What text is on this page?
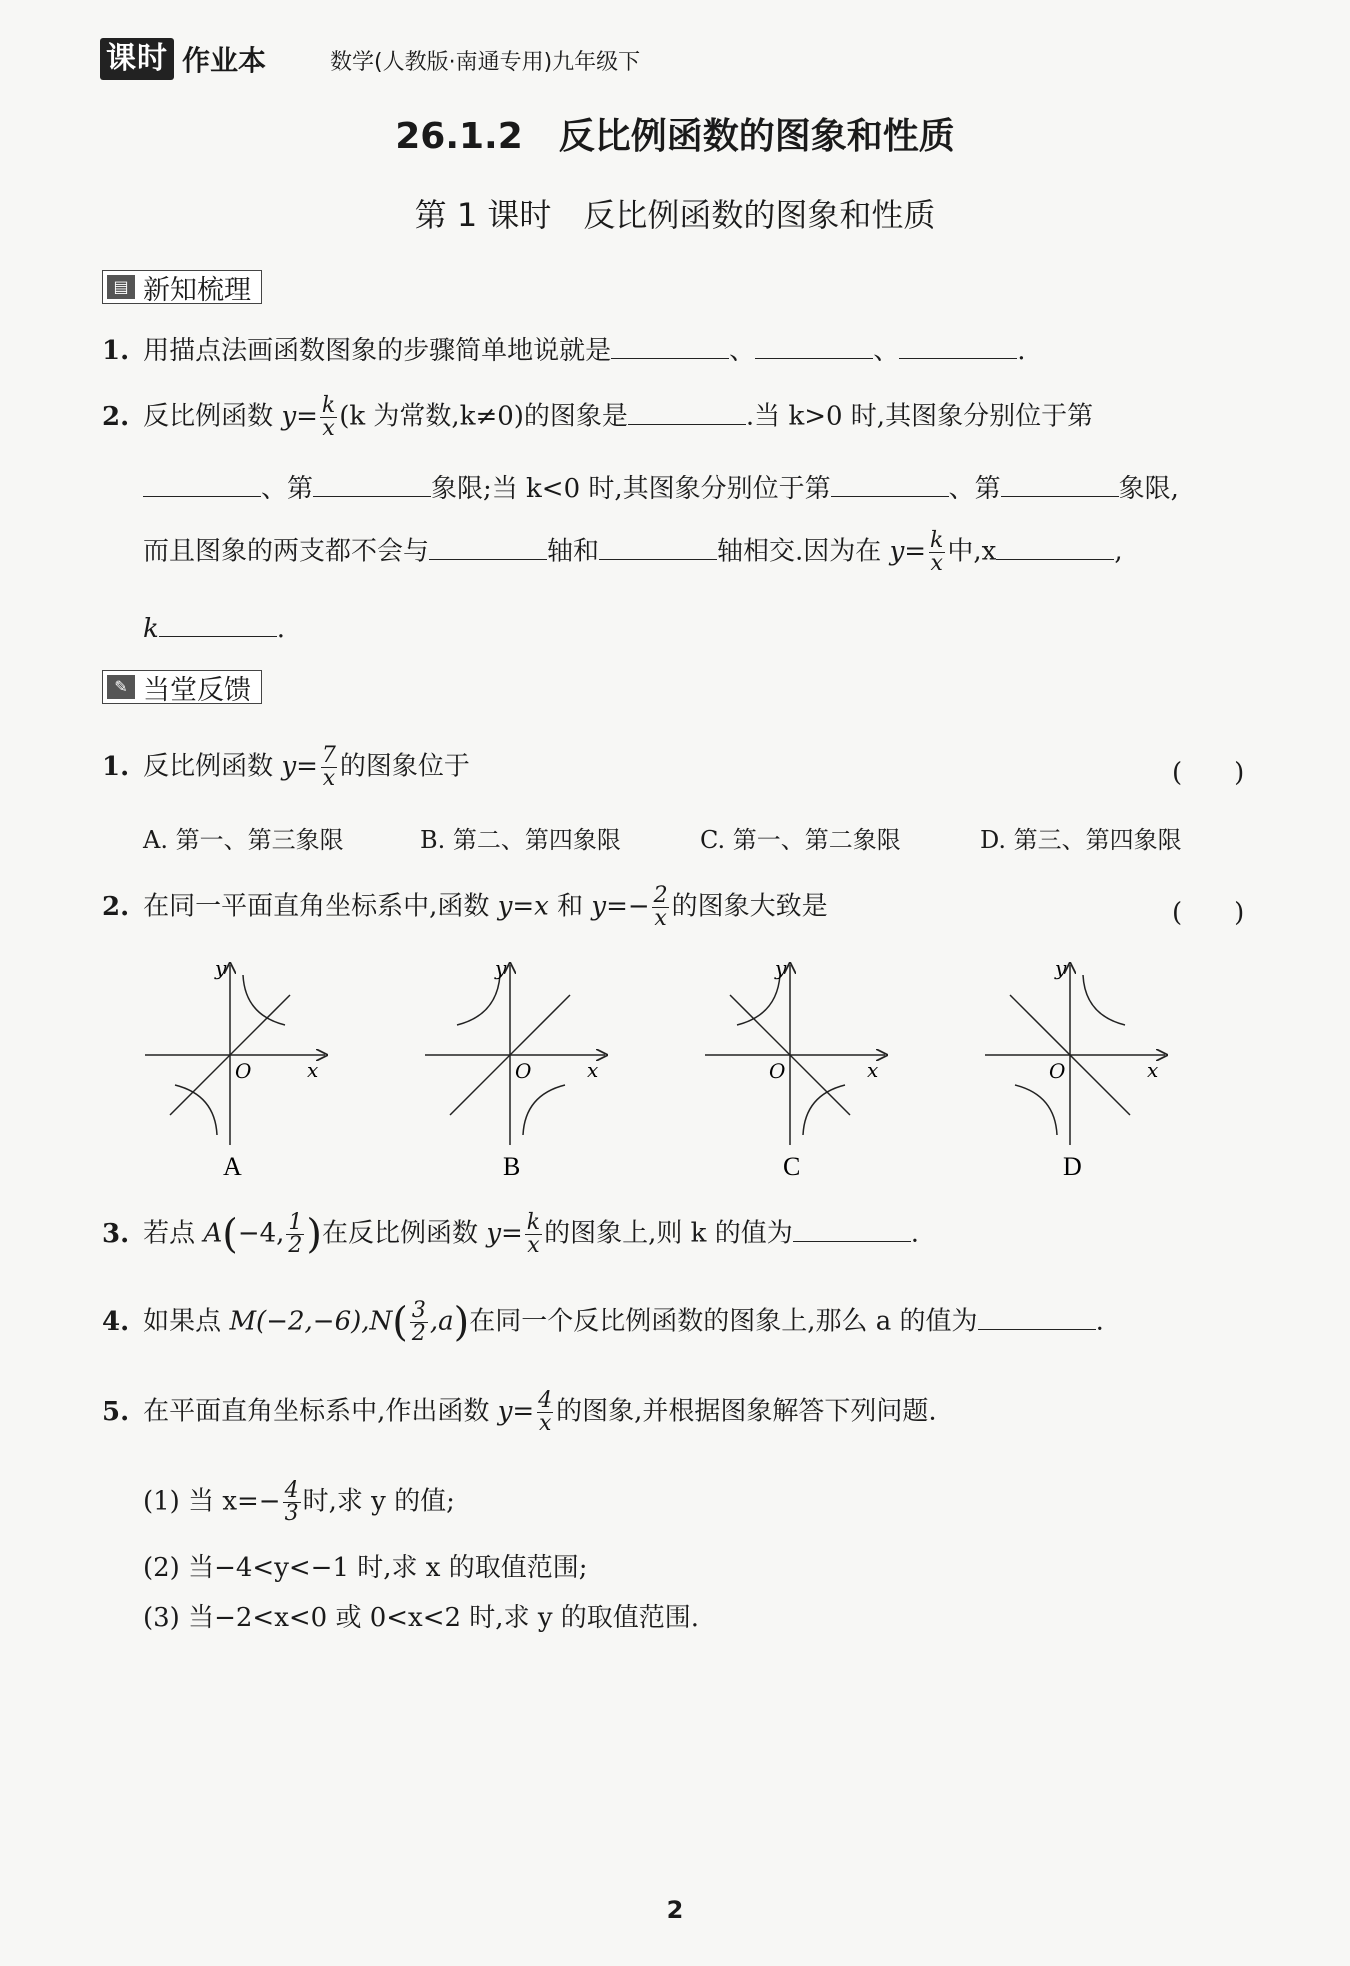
课时 作业本	数学(人教版·南通专用)九年级下
26.1.2　反比例函数的图象和性质
第 1 课时　反比例函数的图象和性质
▤ 新知梳理
1. 用描点法画函数图象的步骤简单地说就是	、	、	.
2. 反比例函数 $y= \frac{k}{x} (k$ 为常数,k≠0)的图象是	.当 k>0 时,其图象分别位于第
、第	象限;当 k<0 时,其图象分别位于第	、第	象限,
而且图象的两支都不会与	轴和	轴相交.因为在 $y= \frac{k}{x}$ 中,x	,
k	.
✎ 当堂反馈
1. 反比例函数 $y= \frac{7}{x}$ 的图象位于	(　　)
A. 第一、第三象限	B. 第二、第四象限	C. 第一、第二象限	D. 第三、第四象限
2. 在同一平面直角坐标系中,函数 y=x 和 $y=- \frac{2}{x}$ 的图象大致是	(　　)
y
x
O
A
y
x
O
B
y
x
O
C
y
x
O
D
3. 若点 A(−4, $\frac{1}{2}$ )在反比例函数 $y= \frac{k}{x}$ 的图象上,则 k 的值为	.
4. 如果点 $M(-2,-6),N( \frac{3}{2} ,a)$在同一个反比例函数的图象上,那么 a 的值为	.
5. 在平面直角坐标系中,作出函数 $y= \frac{4}{x}$ 的图象,并根据图象解答下列问题.
(1) 当 $x=- \frac{4}{3}$ 时,求 y 的值;
(2) 当−4<y<−1 时,求 x 的取值范围;
(3) 当−2<x<0 或 0<x<2 时,求 y 的取值范围.
2
